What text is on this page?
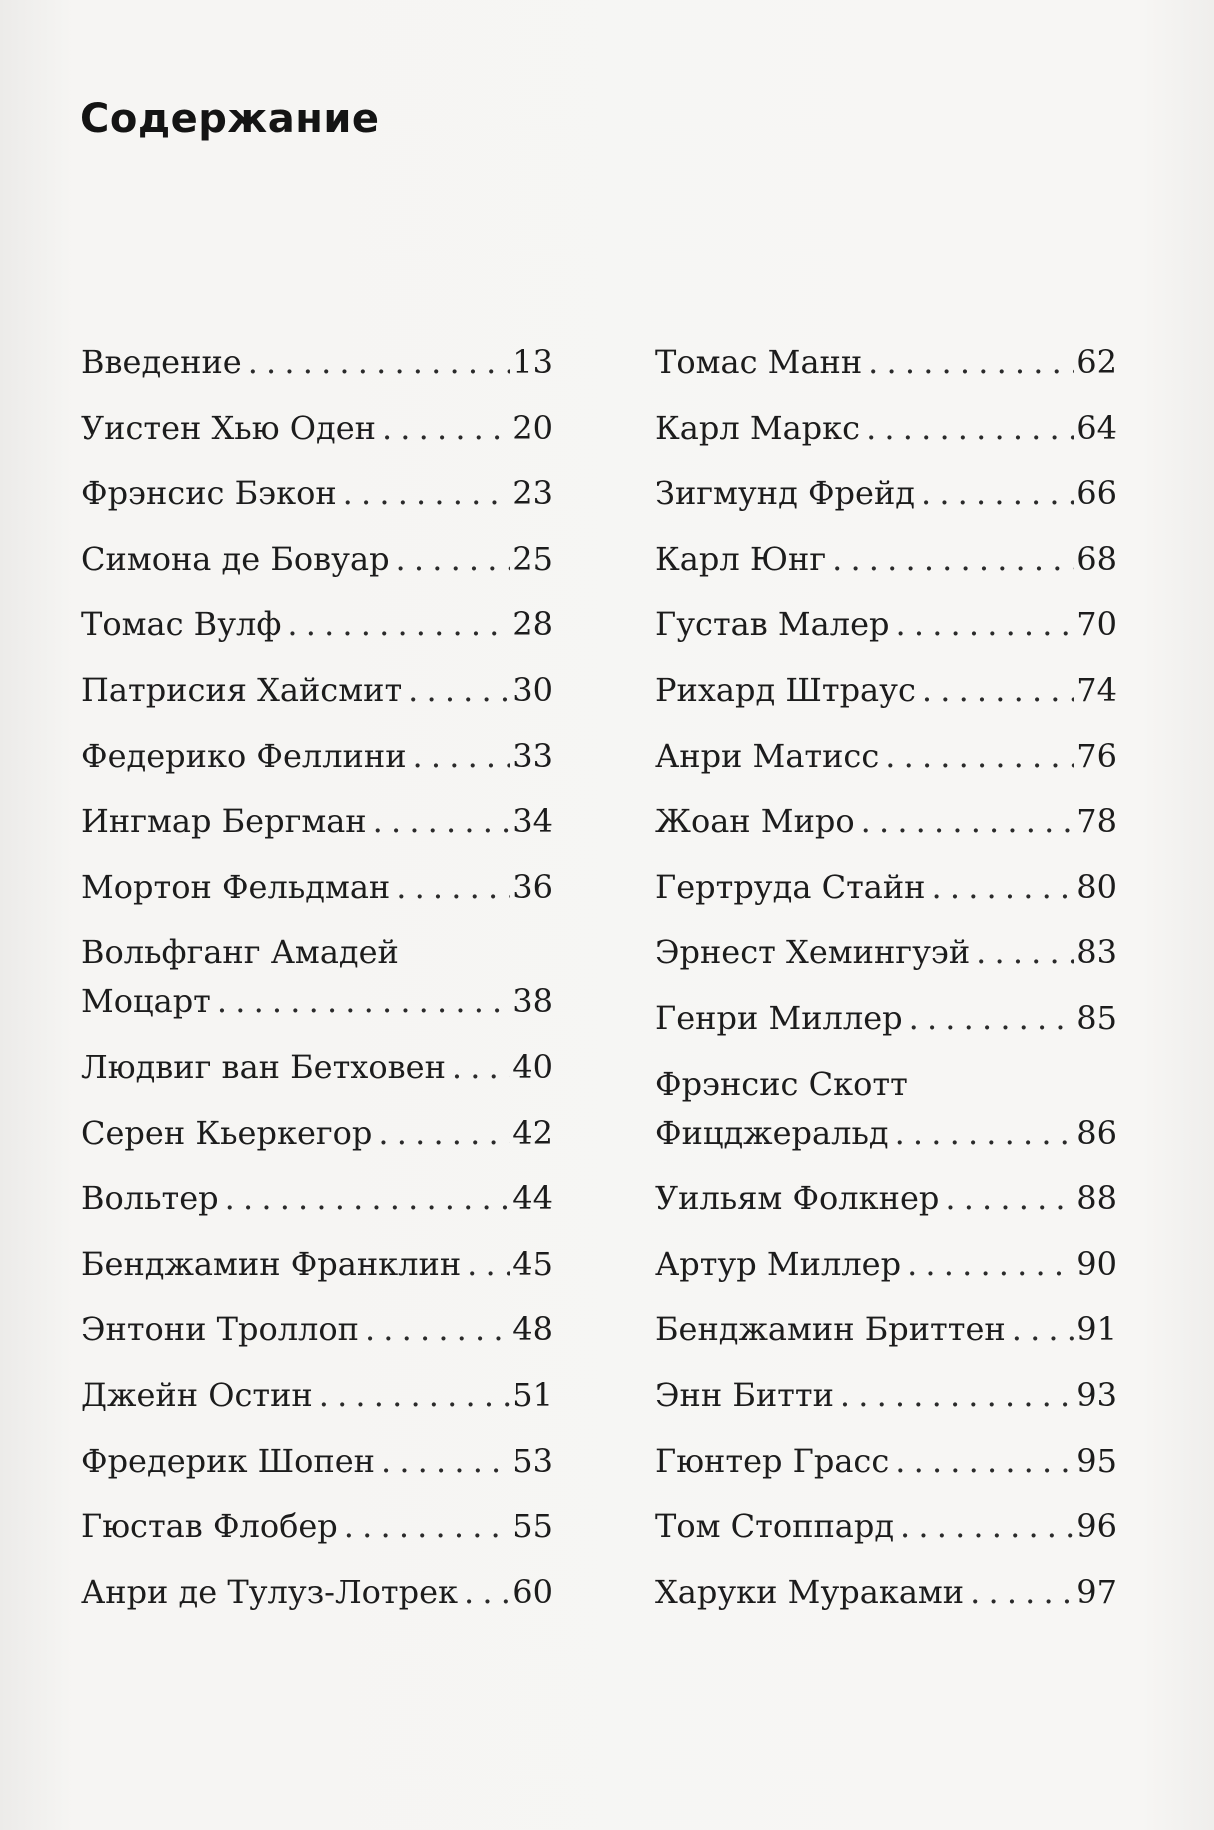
Содержание
Введение . . .	13
Уистен Хью Оден . . .	20
Фрэнсис Бэкон . . .	23
Симона де Бовуар . . .	25
Томас Вулф . . .	28
Патрисия Хайсмит . . .	30
Федерико Феллини . . .	33
Ингмар Бергман . . .	34
Мортон Фельдман . . .	36
Вольфганг Амадей
Моцарт . . .	38
Людвиг ван Бетховен . . . 40
Серен Кьеркегор . . .	42
Вольтер . . .	44
Бенджамин Франклин . . . 45
Энтони Троллоп . . .	48
Джейн Остин . . .	51
Фредерик Шопен . . .	53
Гюстав Флобер . . .	55
Анри де Тулуз-Лотрек . . . 60
Томас Манн . . .	62
Карл Маркс . . .	64
Зигмунд Фрейд . . .	66
Карл Юнг . . .	68
Густав Малер . . .	70
Рихард Штраус . . .	74
Анри Матисс . . .	76
Жоан Миро . . .	78
Гертруда Стайн . . .	80
Эрнест Хемингуэй . . .	83
Генри Миллер . . .	85
Фрэнсис Скотт
Фицджеральд . . .	86
Уильям Фолкнер . . .	88
Артур Миллер . . .	90
Бенджамин Бриттен . . . 91
Энн Битти . . .	93
Гюнтер Грасс . . .	95
Том Стоппард . . .	96
Харуки Мураками . . .	97
